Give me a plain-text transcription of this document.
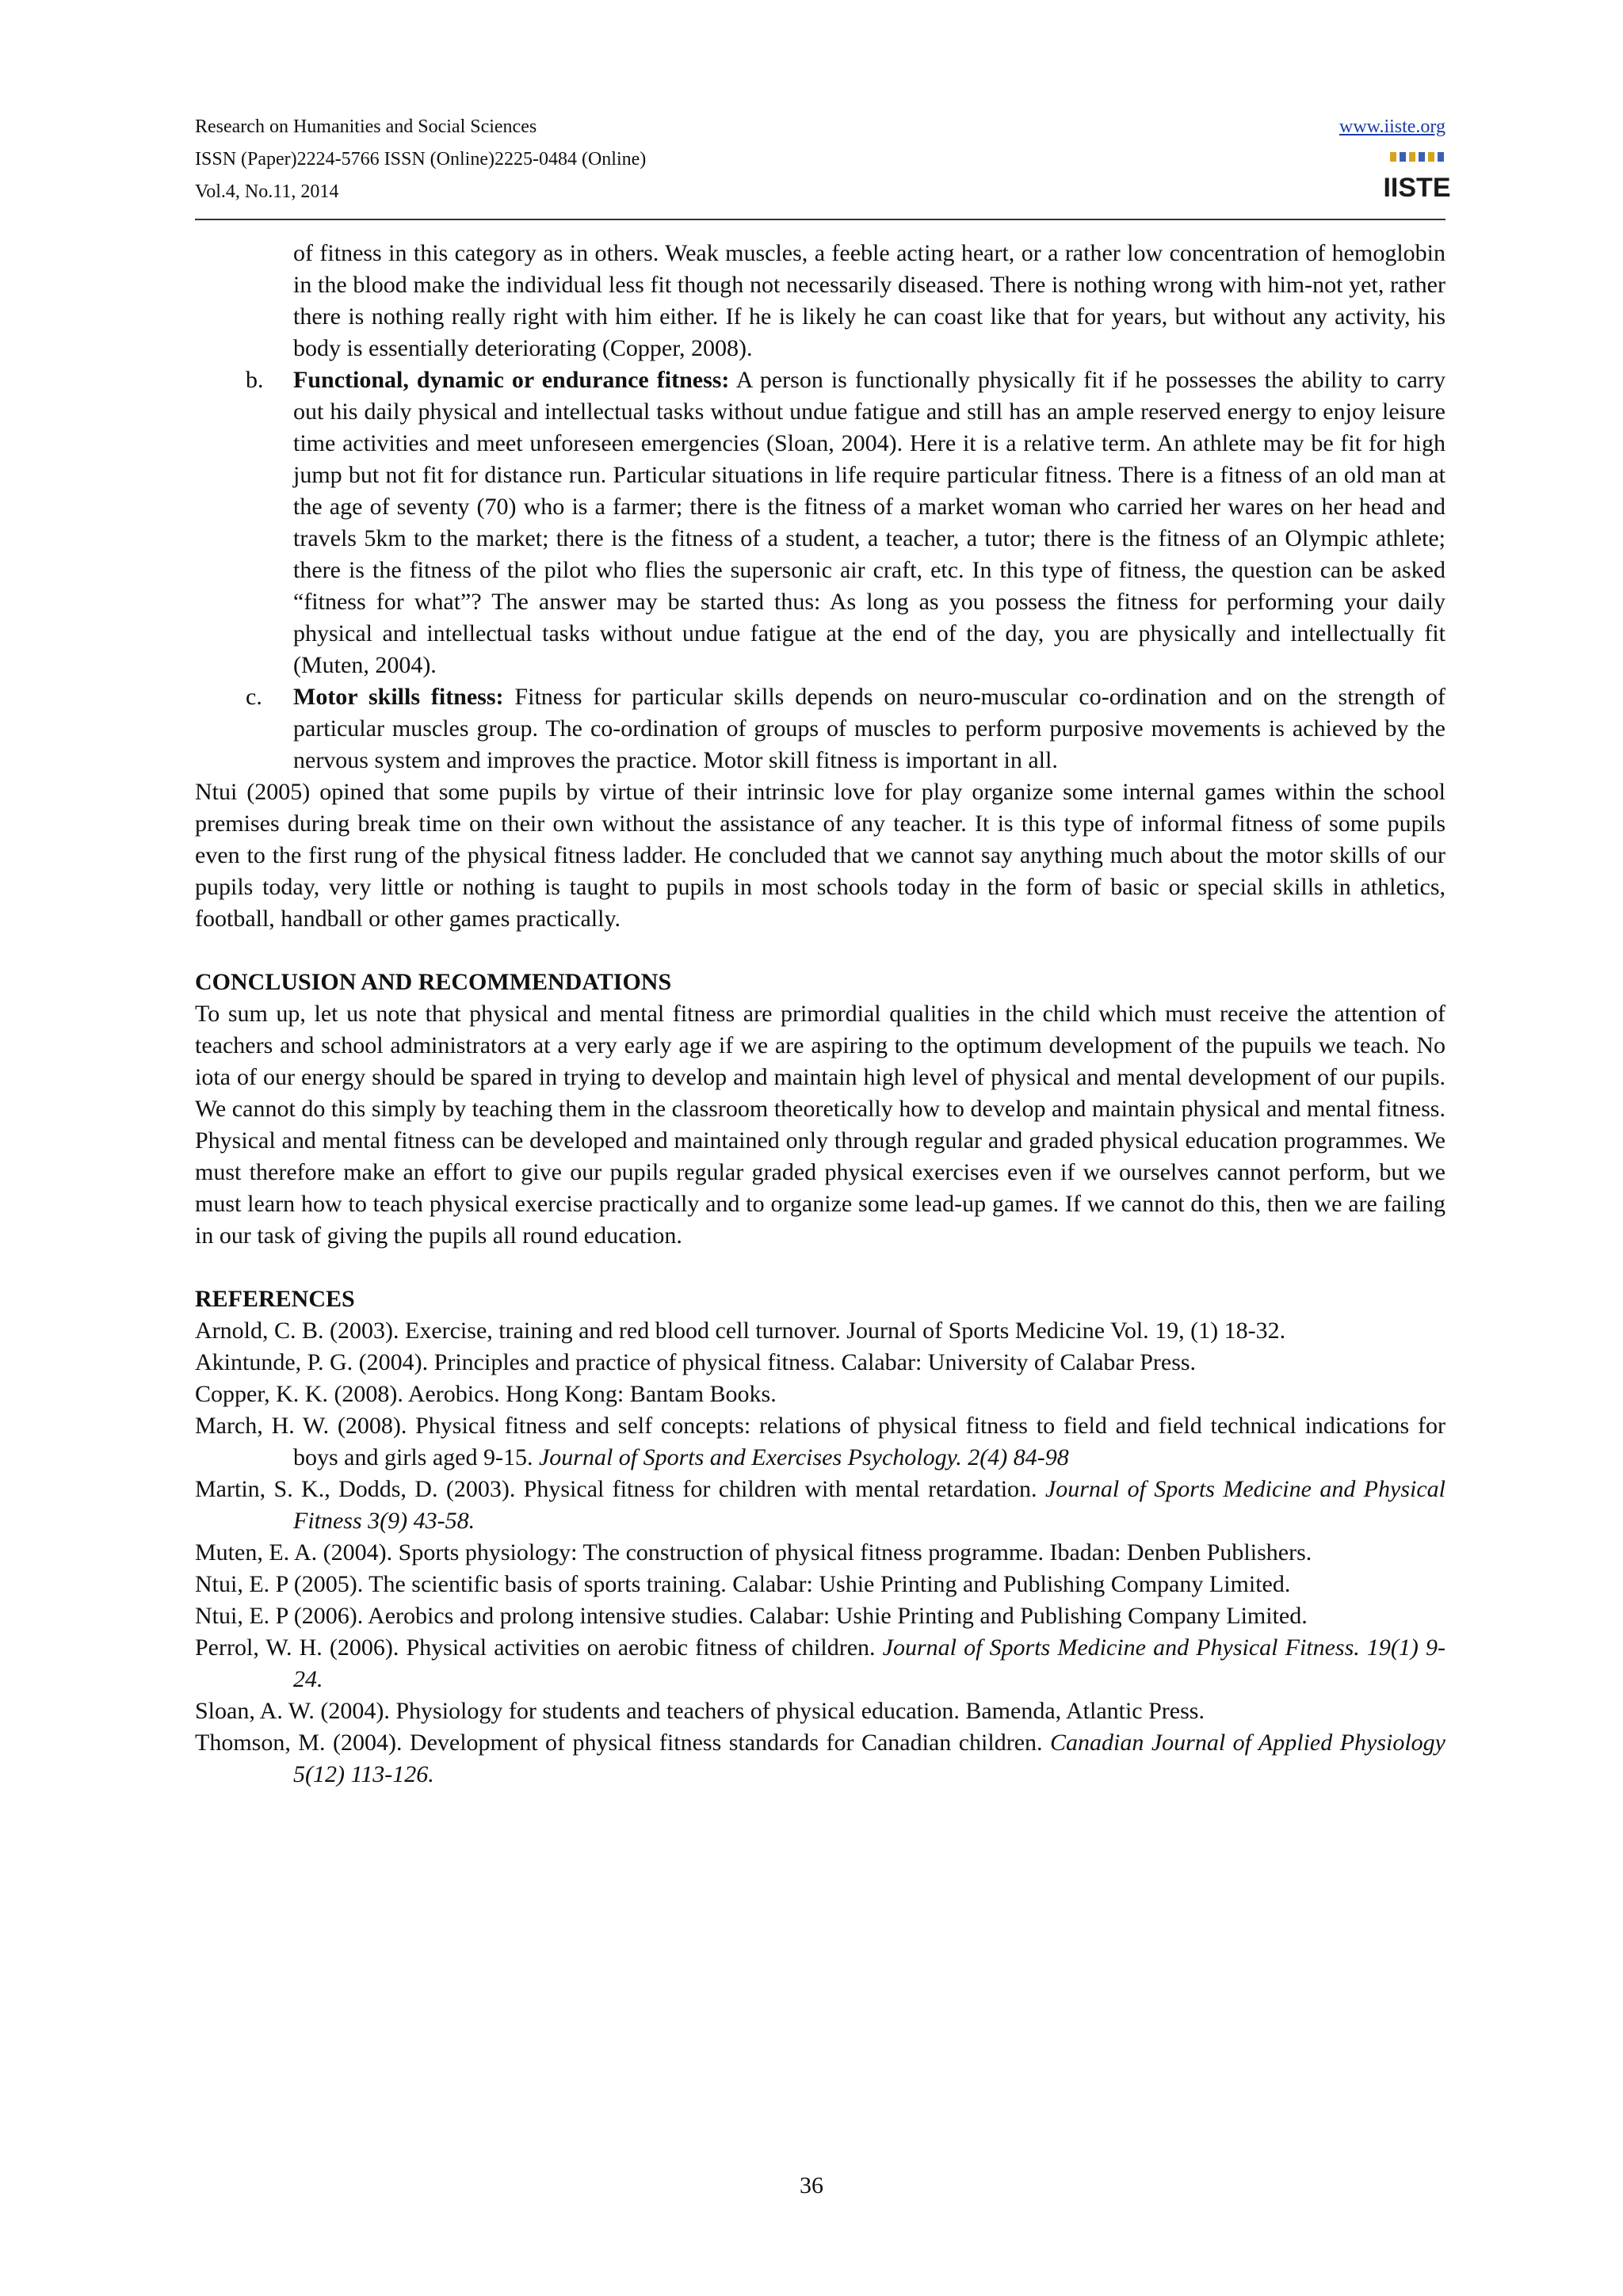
Research on Humanities and Social Sciences
ISSN (Paper)2224-5766 ISSN (Online)2225-0484 (Online)
Vol.4, No.11, 2014
www.iiste.org
IISTE

of fitness in this category as in others. Weak muscles, a feeble acting heart, or a rather low concentration of hemoglobin in the blood make the individual less fit though not necessarily diseased. There is nothing wrong with him-not yet, rather there is nothing really right with him either. If he is likely he can coast like that for years, but without any activity, his body is essentially deteriorating (Copper, 2008).

b. Functional, dynamic or endurance fitness: A person is functionally physically fit if he possesses the ability to carry out his daily physical and intellectual tasks without undue fatigue and still has an ample reserved energy to enjoy leisure time activities and meet unforeseen emergencies (Sloan, 2004). Here it is a relative term. An athlete may be fit for high jump but not fit for distance run. Particular situations in life require particular fitness. There is a fitness of an old man at the age of seventy (70) who is a farmer; there is the fitness of a market woman who carried her wares on her head and travels 5km to the market; there is the fitness of a student, a teacher, a tutor; there is the fitness of an Olympic athlete; there is the fitness of the pilot who flies the supersonic air craft, etc. In this type of fitness, the question can be asked “fitness for what”? The answer may be started thus: As long as you possess the fitness for performing your daily physical and intellectual tasks without undue fatigue at the end of the day, you are physically and intellectually fit (Muten, 2004).

c. Motor skills fitness: Fitness for particular skills depends on neuro-muscular co-ordination and on the strength of particular muscles group. The co-ordination of groups of muscles to perform purposive movements is achieved by the nervous system and improves the practice. Motor skill fitness is important in all.

Ntui (2005) opined that some pupils by virtue of their intrinsic love for play organize some internal games within the school premises during break time on their own without the assistance of any teacher. It is this type of informal fitness of some pupils even to the first rung of the physical fitness ladder. He concluded that we cannot say anything much about the motor skills of our pupils today, very little or nothing is taught to pupils in most schools today in the form of basic or special skills in athletics, football, handball or other games practically.

CONCLUSION AND RECOMMENDATIONS

To sum up, let us note that physical and mental fitness are primordial qualities in the child which must receive the attention of teachers and school administrators at a very early age if we are aspiring to the optimum development of the pupuils we teach. No iota of our energy should be spared in trying to develop and maintain high level of physical and mental development of our pupils. We cannot do this simply by teaching them in the classroom theoretically how to develop and maintain physical and mental fitness. Physical and mental fitness can be developed and maintained only through regular and graded physical education programmes. We must therefore make an effort to give our pupils regular graded physical exercises even if we ourselves cannot perform, but we must learn how to teach physical exercise practically and to organize some lead-up games. If we cannot do this, then we are failing in our task of giving the pupils all round education.

REFERENCES

Arnold, C. B. (2003). Exercise, training and red blood cell turnover. Journal of Sports Medicine Vol. 19, (1) 18-32.

Akintunde, P. G. (2004). Principles and practice of physical fitness. Calabar: University of Calabar Press.

Copper, K. K. (2008). Aerobics. Hong Kong: Bantam Books.

March, H. W. (2008). Physical fitness and self concepts: relations of physical fitness to field and field technical indications for boys and girls aged 9-15. Journal of Sports and Exercises Psychology. 2(4) 84-98

Martin, S. K., Dodds, D. (2003). Physical fitness for children with mental retardation. Journal of Sports Medicine and Physical Fitness 3(9) 43-58.

Muten, E. A. (2004). Sports physiology: The construction of physical fitness programme. Ibadan: Denben Publishers.

Ntui, E. P (2005). The scientific basis of sports training. Calabar: Ushie Printing and Publishing Company Limited.

Ntui, E. P (2006). Aerobics and prolong intensive studies. Calabar: Ushie Printing and Publishing Company Limited.

Perrol, W. H. (2006). Physical activities on aerobic fitness of children. Journal of Sports Medicine and Physical Fitness. 19(1) 9-24.

Sloan, A. W. (2004). Physiology for students and teachers of physical education. Bamenda, Atlantic Press.

Thomson, M. (2004). Development of physical fitness standards for Canadian children. Canadian Journal of Applied Physiology 5(12) 113-126.

36
